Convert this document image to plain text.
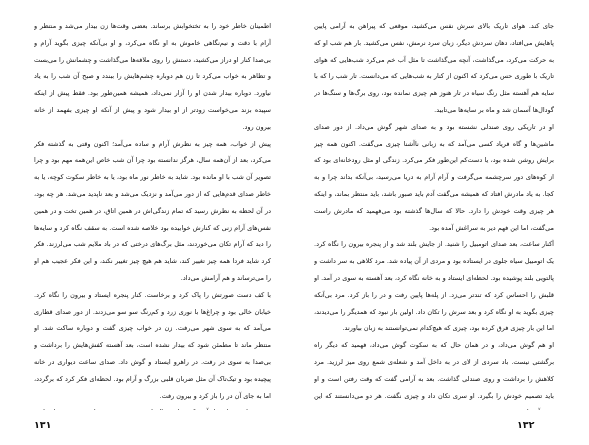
اطمینان خاطر خود را به تختخوابش برساند. بعضی وقت‌ها زن بیدار می‌شد و منتظر و آرام با دقت و نیم‌نگاهی خاموش به او نگاه می‌کرد، و او بی‌آنکه چیزی بگوید آرام و بی‌صدا کنار او دراز می‌کشید، دستش را روی ملافه‌ها می‌گذاشت و چشمانش را می‌بست و تظاهر به خواب می‌کرد تا زن هم دوباره چشم‌هایش را ببندد و صبح آن شب را به یاد نیاورد. دوباره بیدار شدن او را آزار نمی‌داد، همیشه همین‌طور بود. فقط پیش از اینکه سپیده بزند می‌خواست زودتر از او بیدار شود و پیش از آنکه او چیزی بفهمد از خانه بیرون رود.

پیش از خواب، همه چیز به نظرش آرام و ساده می‌آمد؛ اکنون وقتی به گذشته فکر می‌کرد، بعد از آن‌همه سال، هرگز ندانسته بود چرا آن شب خاص این‌همه مهم بود و چرا تصویر آن شب با او مانده بود. شاید به خاطر نور ماه بود، یا به خاطر سکوت کوچه، یا به خاطر صدای قدم‌هایی که از دور می‌آمد و نزدیک می‌شد و بعد ناپدید می‌شد. هر چه بود، در آن لحظه به نظرش رسید که تمام زندگی‌اش در همین اتاق، در همین تخت و در همین نفس‌های آرام زنی که کنارش خوابیده بود خلاصه شده است. به سقف نگاه کرد و سایه‌ها را دید که آرام تکان می‌خوردند، مثل برگ‌های درختی که در باد ملایم شب می‌لرزند. فکر کرد شاید فردا همه چیز تغییر کند، شاید هم هیچ چیز تغییر نکند، و این فکر عجیب هم او را می‌ترساند و هم آرامش می‌داد.

با کف دست صورتش را پاک کرد و برخاست. کنار پنجره ایستاد و بیرون را نگاه کرد. خیابان خالی بود و چراغ‌ها با نوری زرد و کم‌رنگ سو سو می‌زدند. از دور صدای قطاری می‌آمد که به سوی شهر می‌رفت. زن در خواب چیزی گفت و دوباره ساکت شد. او منتظر ماند تا مطمئن شود که بیدار نشده است، بعد آهسته کفش‌هایش را برداشت و بی‌صدا به سوی در رفت. در راهرو ایستاد و گوش داد. صدای ساعت دیواری در خانه پیچیده بود و تیک‌تاک آن مثل ضربان قلبی بزرگ و آرام بود. لحظه‌ای فکر کرد که برگردد، اما به جای آن در را باز کرد و بیرون رفت.

جای کند. هوای تاریک بالای سرش نفس می‌کشید، موقعی که پیراهن به آرامی پایین پاهایش می‌افتاد، دهان سردش دیگر، زبان سرد نرمش، نفس می‌کشید. بار هم شب او که به حرکت می‌کرد، می‌گذاشت، آنچه می‌گذاشت تا مثل آب خم می‌کرد شب‌هایی که هوای تاریک با طوری حس می‌کرد که اکنون از کنار به شب‌هایی که می‌دانست. تار شب را که با سایه هم آهسته مثل رنگ سیاه در تار هنوز هم چیزی نمانده بود، روی برگ‌ها و سنگ‌ها در گودال‌ها آسمان شد و ماه بر سایه‌ها می‌تابید.

او در تاریکی روی صندلی نشسته بود و به صدای شهر گوش می‌داد. از دور صدای ماشین‌ها و گاه فریاد کسی می‌آمد که به زبانی ناآشنا چیزی می‌گفت. اکنون همه چیز برایش روشن شده بود، یا دست‌کم این‌طور فکر می‌کرد. زندگی او مثل رودخانه‌ای بود که از کوه‌های دور سرچشمه می‌گرفت و آرام آرام به دریا می‌رسید، بی‌آنکه بداند چرا و به کجا. به یاد مادرش افتاد که همیشه می‌گفت آدم باید صبور باشد، باید منتظر بماند، و اینکه هر چیزی وقت خودش را دارد. حالا که سال‌ها گذشته بود می‌فهمید که مادرش راست می‌گفت، اما این فهم دیر به سراغش آمده بود.

آکنار ساعت، بعد صدای اتومبیل را شنید. از جایش بلند شد و از پنجره بیرون را نگاه کرد. یک اتومبیل سیاه جلوی در ایستاده بود و مردی از آن پیاده شد. مرد کلاهی به سر داشت و پالتویی بلند پوشیده بود. لحظه‌ای ایستاد و به خانه نگاه کرد، بعد آهسته به سوی در آمد. او قلبش را احساس کرد که تندتر می‌زد. از پله‌ها پایین رفت و در را باز کرد. مرد بی‌آنکه چیزی بگوید به او نگاه کرد و بعد سرش را تکان داد. اولین بار نبود که همدیگر را می‌دیدند، اما این بار چیزی فرق کرده بود، چیزی که هیچ‌کدام نمی‌توانستند به زبان بیاورند.

او هم گوش می‌داد، و در همان حال که به سکوت گوش می‌داد، فهمید که دیگر راه برگشتی نیست. باد سردی از لای در به داخل آمد و شعله‌ی شمع روی میز لرزید. مرد کلاهش را برداشت و روی صندلی گذاشت. بعد به آرامی گفت که وقت رفتن است و او باید تصمیم خودش را بگیرد. او سری تکان داد و چیزی نگفت. هر دو می‌دانستند که این

۱۳۱	۱۳۲
